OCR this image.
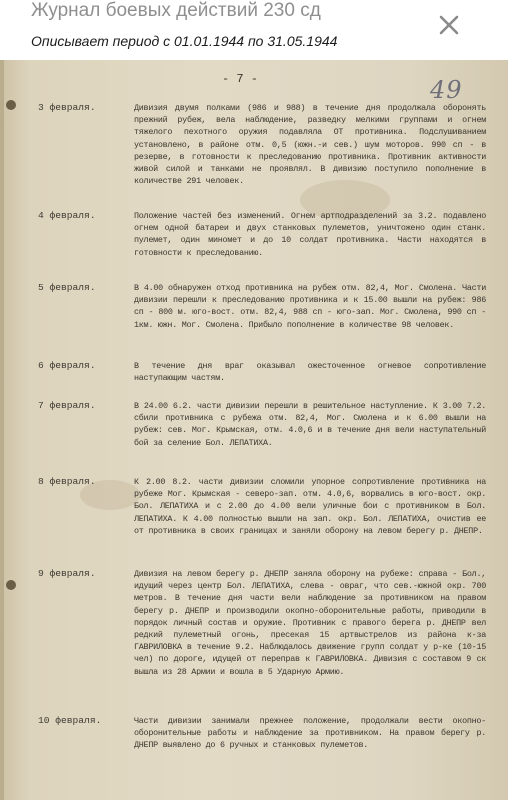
Журнал боевых действий 230 сд
Описывает период с 01.01.1944 по 31.05.1944
- 7 -	49
3 февраля.	Дивизия двумя полками (986 и 988) в течение дня продолжала оборонять прежний рубеж, вела наблюдение, разведку мелкими группами и огнем тяжелого пехотного оружия подавляла ОТ противника. Подслушиванием установлено, в районе отм. 0,5 (южн.-и сев.) шум моторов. 990 сп - в резерве, в готовности к преследованию противника. Противник активности живой силой и танками не проявлял. В дивизию поступило пополнение в количестве 291 человек.
4 февраля.	Положение частей без изменений. Огнем артподразделений за 3.2. подавлено огнем одной батареи и двух станковых пулеметов, уничтожено один станк. пулемет, один миномет и до 10 солдат противника. Части находятся в готовности к преследованию.
5 февраля.	В 4.00 обнаружен отход противника на рубеж отм. 82,4, Мог. Смолена. Части дивизии перешли к преследованию противника и к 15.00 вышли на рубеж: 986 сп - 800 м. юго-вост. отм. 82,4, 988 сп - юго-зап. Мог. Смолена, 990 сп - 1км. южн. Мог. Смолена. Прибыло пополнение в количестве 98 человек.
6 февраля.	В течение дня враг оказывал ожесточенное огневое сопротивление наступающим частям.
7 февраля.	В 24.00 6.2. части дивизии перешли в решительное наступление. К 3.00 7.2. сбили противника с рубежа отм. 82,4, Мог. Смолена и к 6.00 вышли на рубеж: сев. Мог. Крымская, отм. 4.0,6 и в течение дня вели наступательный бой за селение Бол. ЛЕПАТИХА.
8 февраля.	К 2.00 8.2. части дивизии сломили упорное сопротивление противника на рубеже Мог. Крымская - северо-зап. отм. 4.0,6, ворвались в юго-вост. окр. Бол. ЛЕПАТИХА и с 2.00 до 4.00 вели уличные бои с противником в Бол. ЛЕПАТИХА. К 4.00 полностью вышли на зап. окр. Бол. ЛЕПАТИХА, очистив ее от противника в своих границах и заняли оборону на левом берегу р. ДНЕПР.
9 февраля.	Дивизия на левом берегу р. ДНЕПР заняла оборону на рубеже: справа - Бол., идущий через центр Бол. ЛЕПАТИХА, слева - овраг, что сев.-южной окр. 700 метров. В течение дня части вели наблюдение за противником на правом берегу р. ДНЕПР и производили окопно-оборонительные работы, приводили в порядок личный состав и оружие. Противник с правого берега р. ДНЕПР вел редкий пулеметный огонь, пресекая 15 артвыстрелов из района к-за ГАВРИЛОВКА в течение 9.2. Наблюдалось движение групп солдат у р-ке (10-15 чел) по дороге, идущей от переправ к ГАВРИЛОВКА. Дивизия с составом 9 ск вышла из 28 Армии и вошла в 5 Ударную Армию.
10 февраля.	Части дивизии занимали прежнее положение, продолжали вести окопно-оборонительные работы и наблюдение за противником. На правом берегу р. ДНЕПР выявлено до 6 ручных и станковых пулеметов.
